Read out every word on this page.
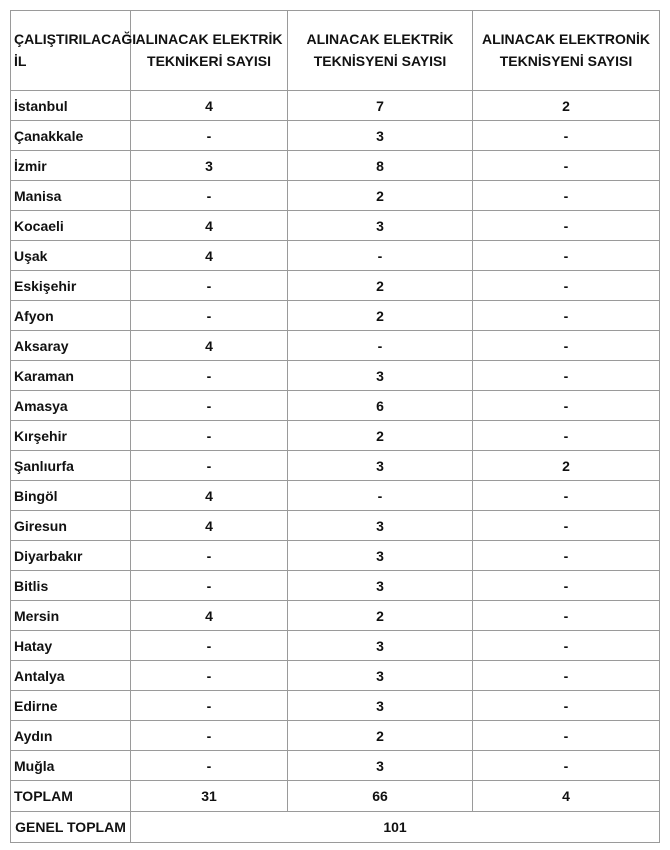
ÇALIŞTIRILACAĞI İL	ALINACAK ELEKTRİK TEKNİKERİ SAYISI	ALINACAK ELEKTRİK TEKNİSYENİ SAYISI	ALINACAK ELEKTRONİK TEKNİSYENİ SAYISI
İstanbul	4	7	2
Çanakkale	-	3	-
İzmir	3	8	-
Manisa	-	2	-
Kocaeli	4	3	-
Uşak	4	-	-
Eskişehir	-	2	-
Afyon	-	2	-
Aksaray	4	-	-
Karaman	-	3	-
Amasya	-	6	-
Kırşehir	-	2	-
Şanlıurfa	-	3	2
Bingöl	4	-	-
Giresun	4	3	-
Diyarbakır	-	3	-
Bitlis	-	3	-
Mersin	4	2	-
Hatay	-	3	-
Antalya	-	3	-
Edirne	-	3	-
Aydın	-	2	-
Muğla	-	3	-
TOPLAM	31	66	4
GENEL TOPLAM	101		
